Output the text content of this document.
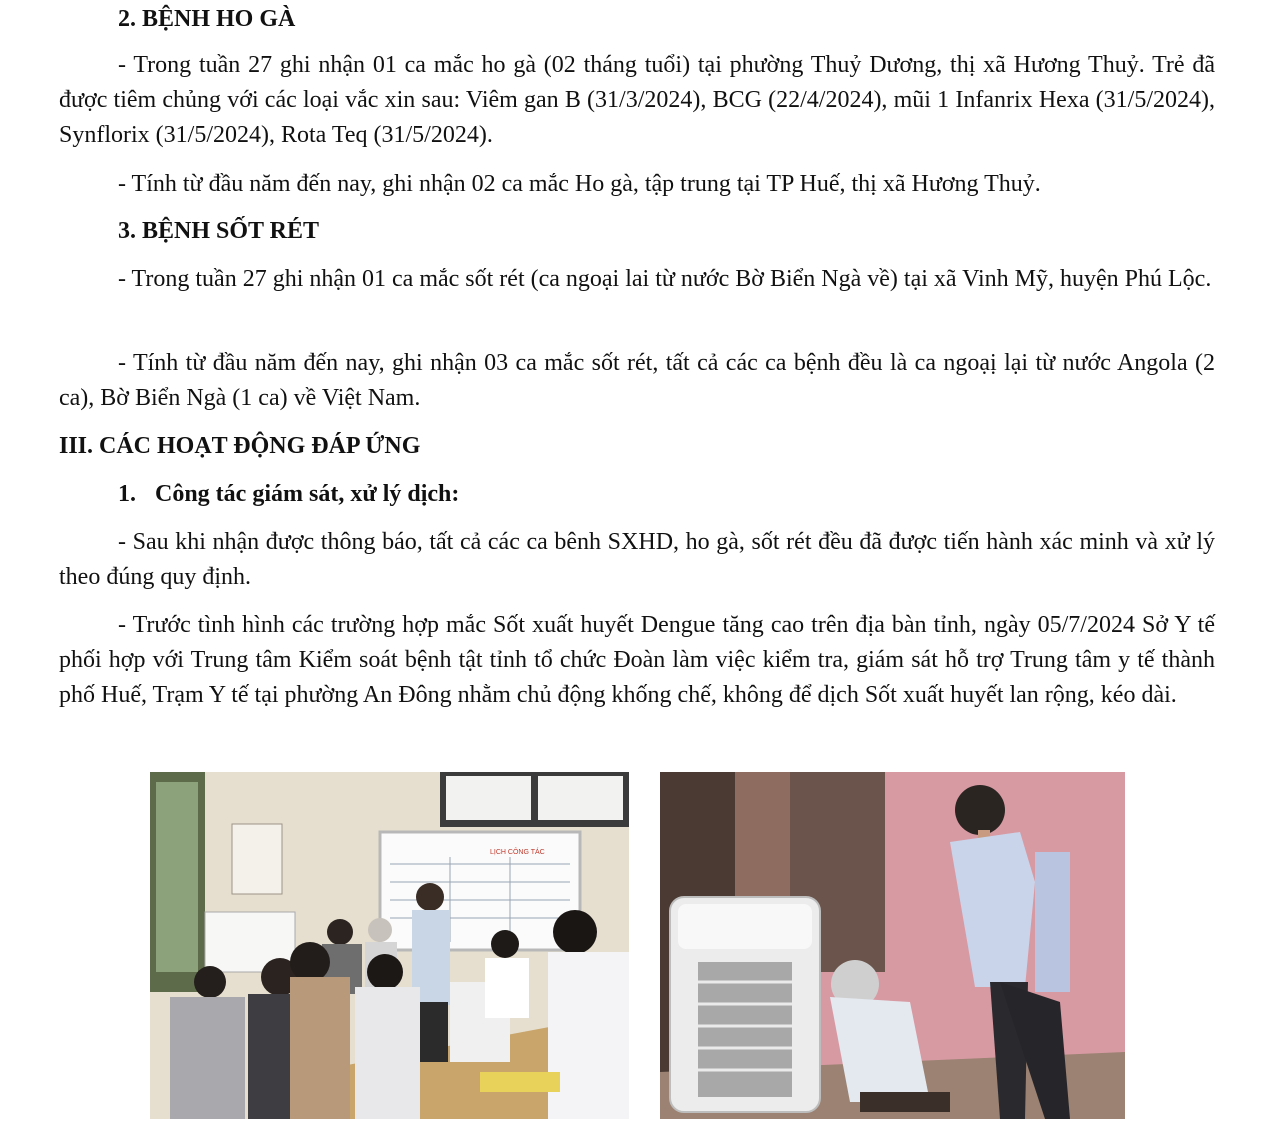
2. BỆNH HO GÀ

- Trong tuần 27 ghi nhận 01 ca mắc ho gà (02 tháng tuổi) tại phường Thuỷ Dương, thị xã Hương Thuỷ. Trẻ đã được tiêm chủng với các loại vắc xin sau: Viêm gan B (31/3/2024), BCG (22/4/2024), mũi 1 Infanrix Hexa (31/5/2024), Synflorix (31/5/2024), Rota Teq (31/5/2024).

- Tính từ đầu năm đến nay, ghi nhận 02 ca mắc Ho gà, tập trung tại TP Huế, thị xã Hương Thuỷ.

3. BỆNH SỐT RÉT

- Trong tuần 27 ghi nhận 01 ca mắc sốt rét (ca ngoại lai từ nước Bờ Biển Ngà về) tại xã Vinh Mỹ, huyện Phú Lộc.

- Tính từ đầu năm đến nay, ghi nhận 03 ca mắc sốt rét, tất cả các ca bệnh đều là ca ngoạị lại từ nước Angola (2 ca), Bờ Biển Ngà (1 ca) về Việt Nam.

III. CÁC HOẠT ĐỘNG ĐÁP ỨNG
1. Công tác giám sát, xử lý dịch:

- Sau khi nhận được thông báo, tất cả các ca bênh SXHD, ho gà, sốt rét đều đã được tiến hành xác minh và xử lý theo đúng quy định.

- Trước tình hình các trường hợp mắc Sốt xuất huyết Dengue tăng cao trên địa bàn tỉnh, ngày 05/7/2024 Sở Y tế phối hợp với Trung tâm Kiểm soát bệnh tật tỉnh tổ chức Đoàn làm việc kiểm tra, giám sát hỗ trợ Trung tâm y tế thành phố Huế, Trạm Y tế tại phường An Đông nhằm chủ động khống chế, không để dịch Sốt xuất huyết lan rộng, kéo dài.

LỊCH CÔNG TÁC
